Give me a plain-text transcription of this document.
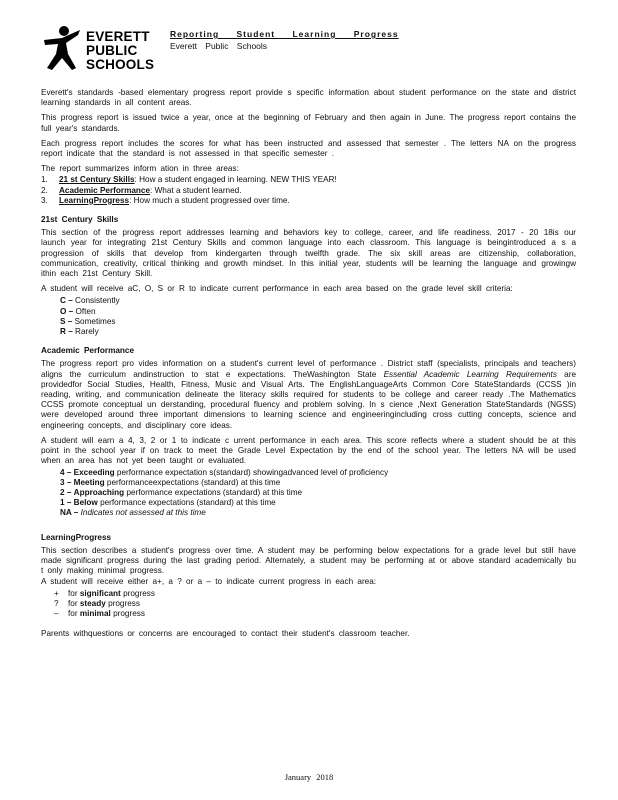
EVERETT
PUBLIC
SCHOOLS
Reporting Student Learning Progress
Everett Public Schools

Everett's standards -based elementary progress report provide s specific information about student performance on the state and district learning standards in all content areas.

This progress report is issued twice a year, once at the beginning of February and then again in June. The progress report contains the full year's standards.

Each progress report includes the scores for what has been instructed and assessed that semester . The letters NA on the progress report indicate that the standard is not assessed in that specific semester .

The report summarizes inform ation in three areas:

1. 21 st Century Skills: How a student engaged in learning. NEW THIS YEAR!
2. Academic Performance: What a student learned.
3. LearningProgress: How much a student progressed over time.

21st Century Skills

This section of the progress report addresses learning and behaviors key to college, career, and life readiness. 2017 - 20 18is our launch year for integrating 21st Century Skills and common language into each classroom. This language is beingintroduced a s a progression of skills that develop from kindergarten through twelfth grade. The six skill areas are citizenship, collaboration, communication, creativity, critical thinking and growth mindset. In this initial year, students will be learning the language and growingw ithin each 21st Century Skill.

A student will receive aC, O, S or R to indicate current performance in each area based on the grade level skill criteria:

C – Consistently
O – Often
S – Sometimes
R – Rarely

Academic Performance

The progress report pro vides information on a student's current level of performance . District staff (specialists, principals and teachers) aligns the curriculum andinstruction to stat e expectations. TheWashington State Essential Academic Learning Requirements are providedfor Social Studies, Health, Fitness, Music and Visual Arts. The EnglishLanguageArts Common Core StateStandards (CCSS )in reading, writing, and communication delineate the literacy skills required for students to be college and career ready .The Mathematics CCSS promote conceptual un derstanding, procedural fluency and problem solving. In s cience ,Next Generation StateStandards (NGSS) were developed around three important dimensions to learning science and engineeringincluding cross cutting concepts, science and engineering concepts, and disciplinary core ideas.

A student will earn a 4, 3, 2 or 1 to indicate c urrent performance in each area. This score reflects where a student should be at this point in the school year if on track to meet the Grade Level Expectation by the end of the school year. The letters NA will be used when an area has not yet been taught or evaluated.

4 – Exceeding performance expectation s(standard) showingadvanced level of proficiency
3 – Meeting performanceexpectations (standard) at this time
2 – Approaching performance expectations (standard) at this time
1 – Below performance expectations (standard) at this time
NA – Indicates not assessed at this time

LearningProgress

This section describes a student's progress over time. A student may be performing below expectations for a grade level but still have made significant progress during the last grading period. Alternately, a student may be performing at or above standard academically bu t only making minimal progress.

A student will receive either a+, a ? or a – to indicate current progress in each area:

+ for significant progress
? for steady progress
– for minimal progress

Parents withquestions or concerns are encouraged to contact their student's classroom teacher.

January 2018
